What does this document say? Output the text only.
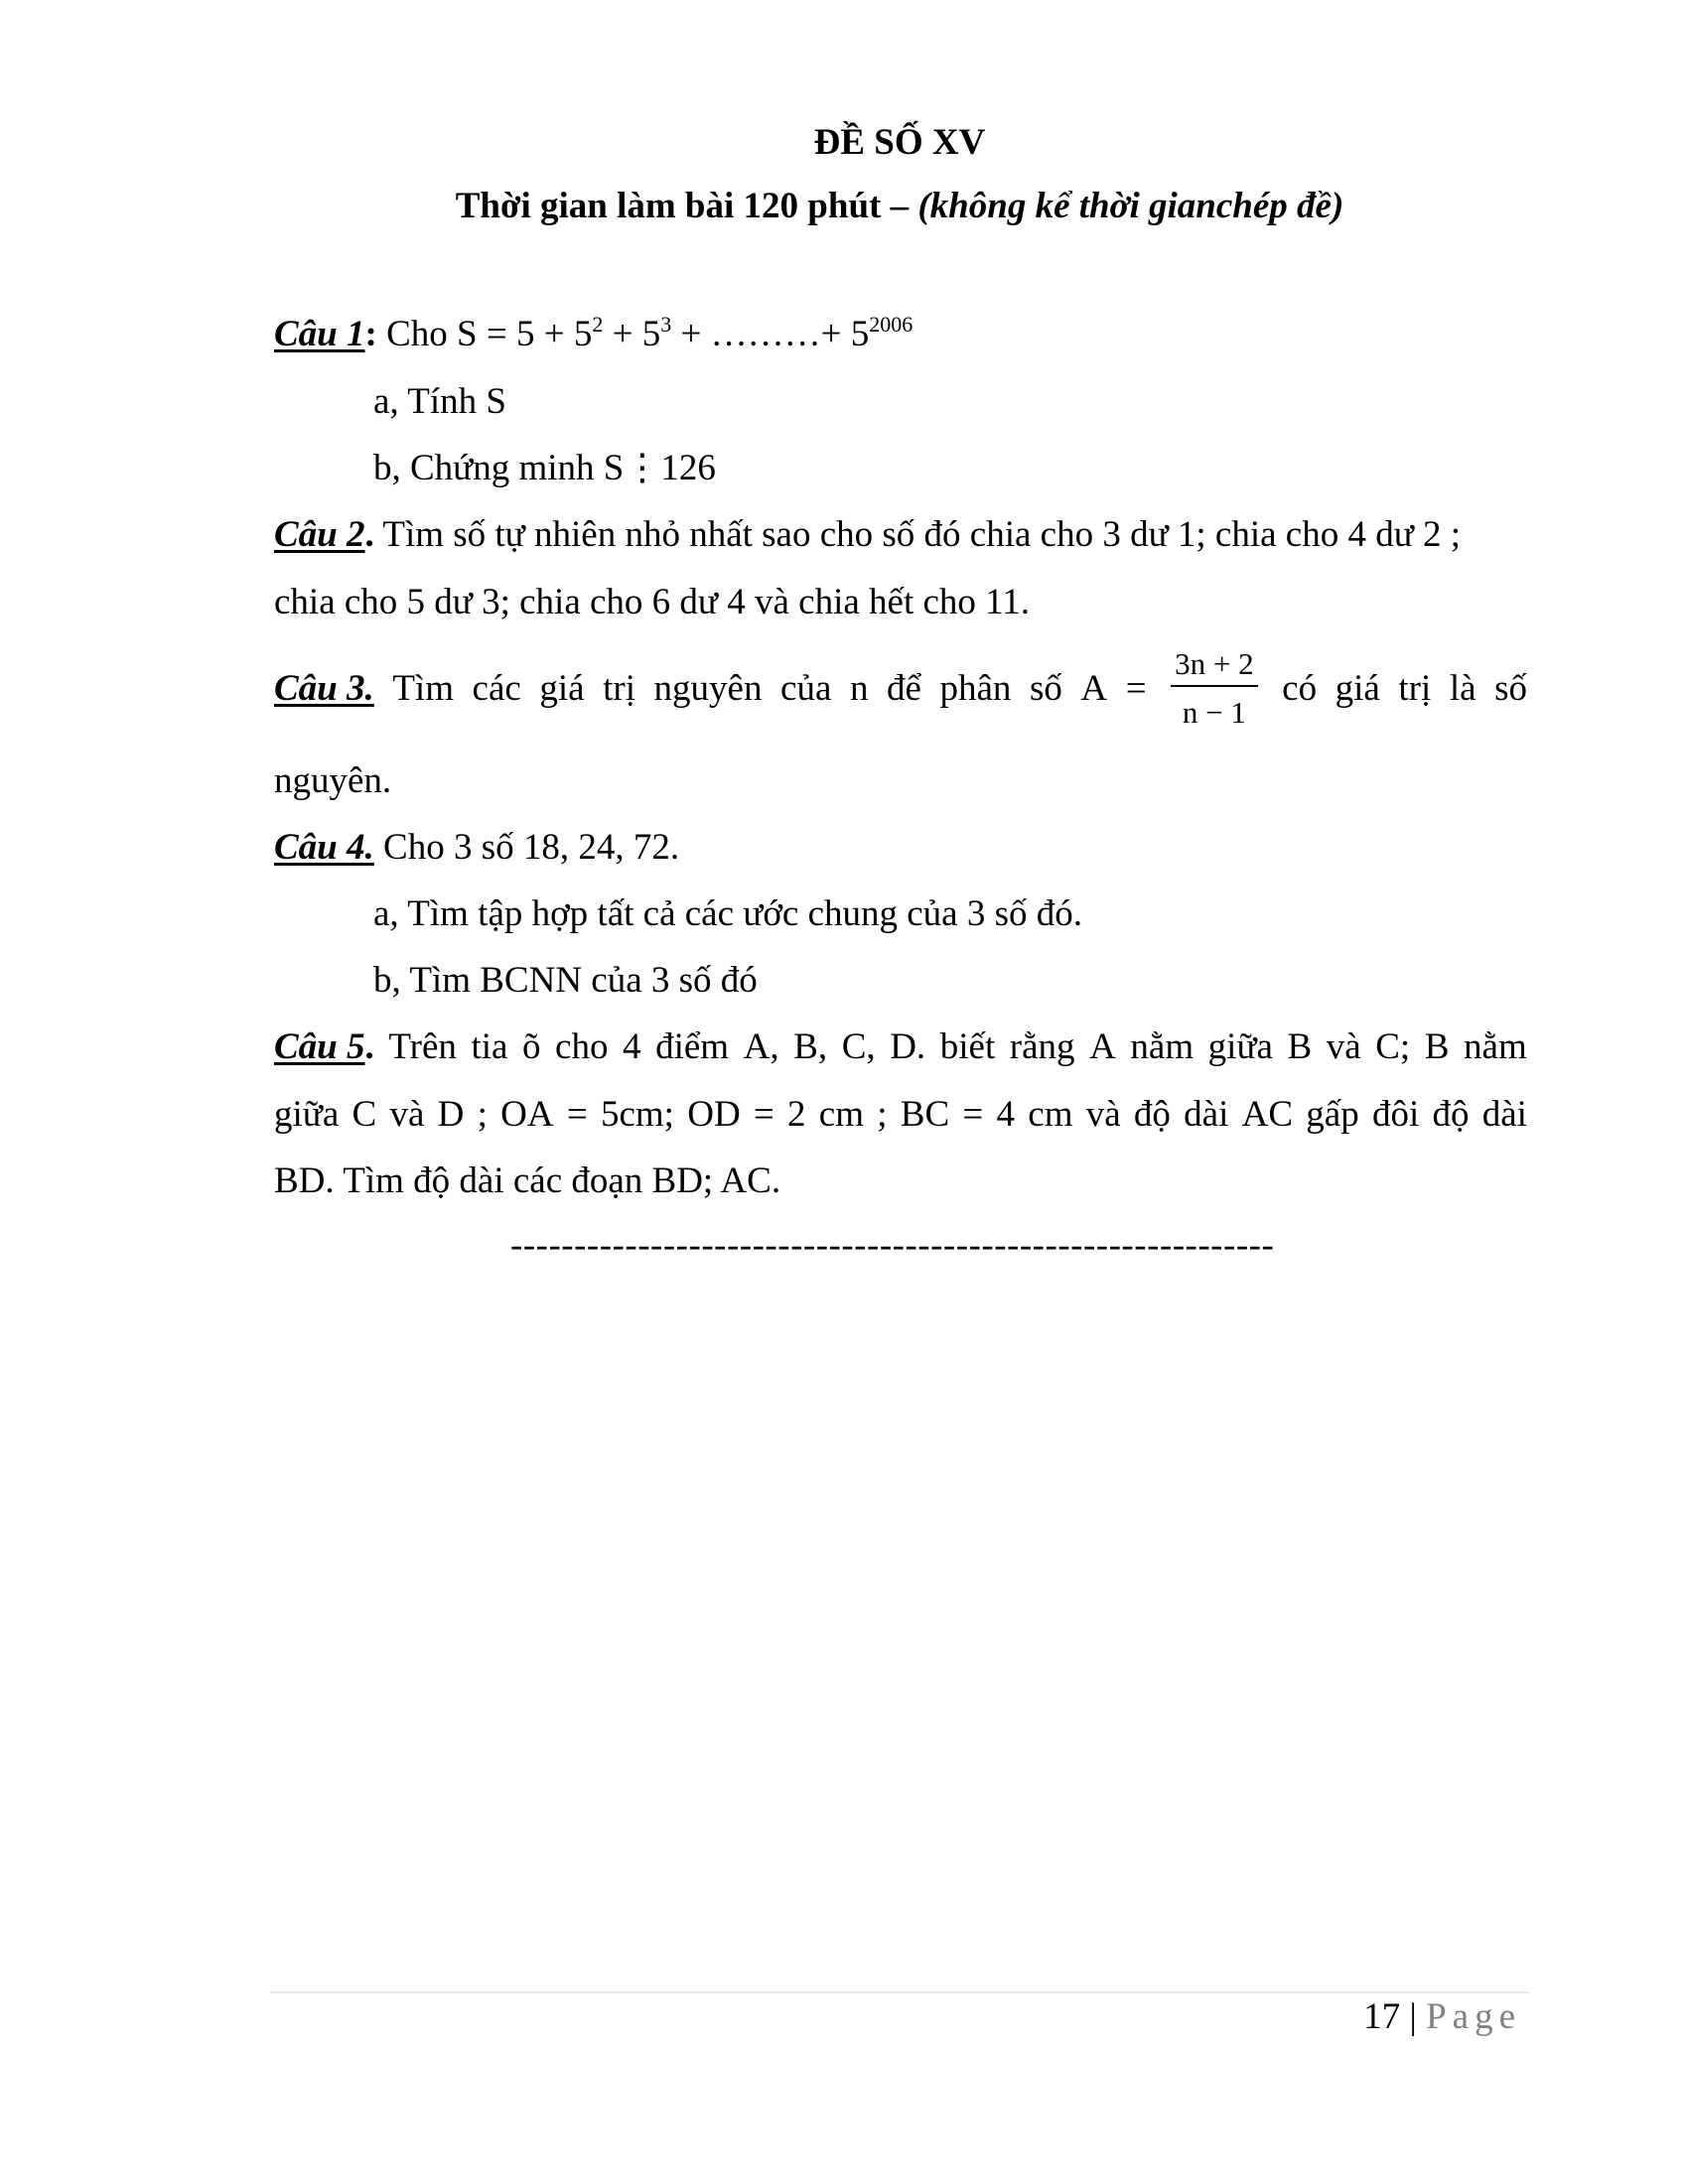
ĐỀ SỐ XV
Thời gian làm bài 120 phút – (không kể thời gianchép đề)
Câu 1: Cho $S = 5 + 5^2 + 5^3$ + ………+ $5^{2006}$
a, Tính S
b, Chứng minh S⋮126
Câu 2. Tìm số tự nhiên nhỏ nhất sao cho số đó chia cho 3 dư 1; chia cho 4 dư 2 ;
chia cho 5 dư 3; chia cho 6 dư 4 và chia hết cho 11.
Câu 3. Tìm các giá trị nguyên của n để phân số $A = \frac{3n + 2}{n - 1}$ có giá trị là số
nguyên.
Câu 4. Cho 3 số 18, 24, 72.
a, Tìm tập hợp tất cả các ước chung của 3 số đó.
b, Tìm BCNN của 3 số đó
Câu 5. Trên tia õ cho 4 điểm A, B, C, D. biết rằng A nằm giữa B và C; B nằm
giữa C và D ; OA = 5cm; OD = 2 cm ; BC = 4 cm và độ dài AC gấp đôi độ dài
BD. Tìm độ dài các đoạn BD; AC.
------------------------------------------------------------
17 | Page
